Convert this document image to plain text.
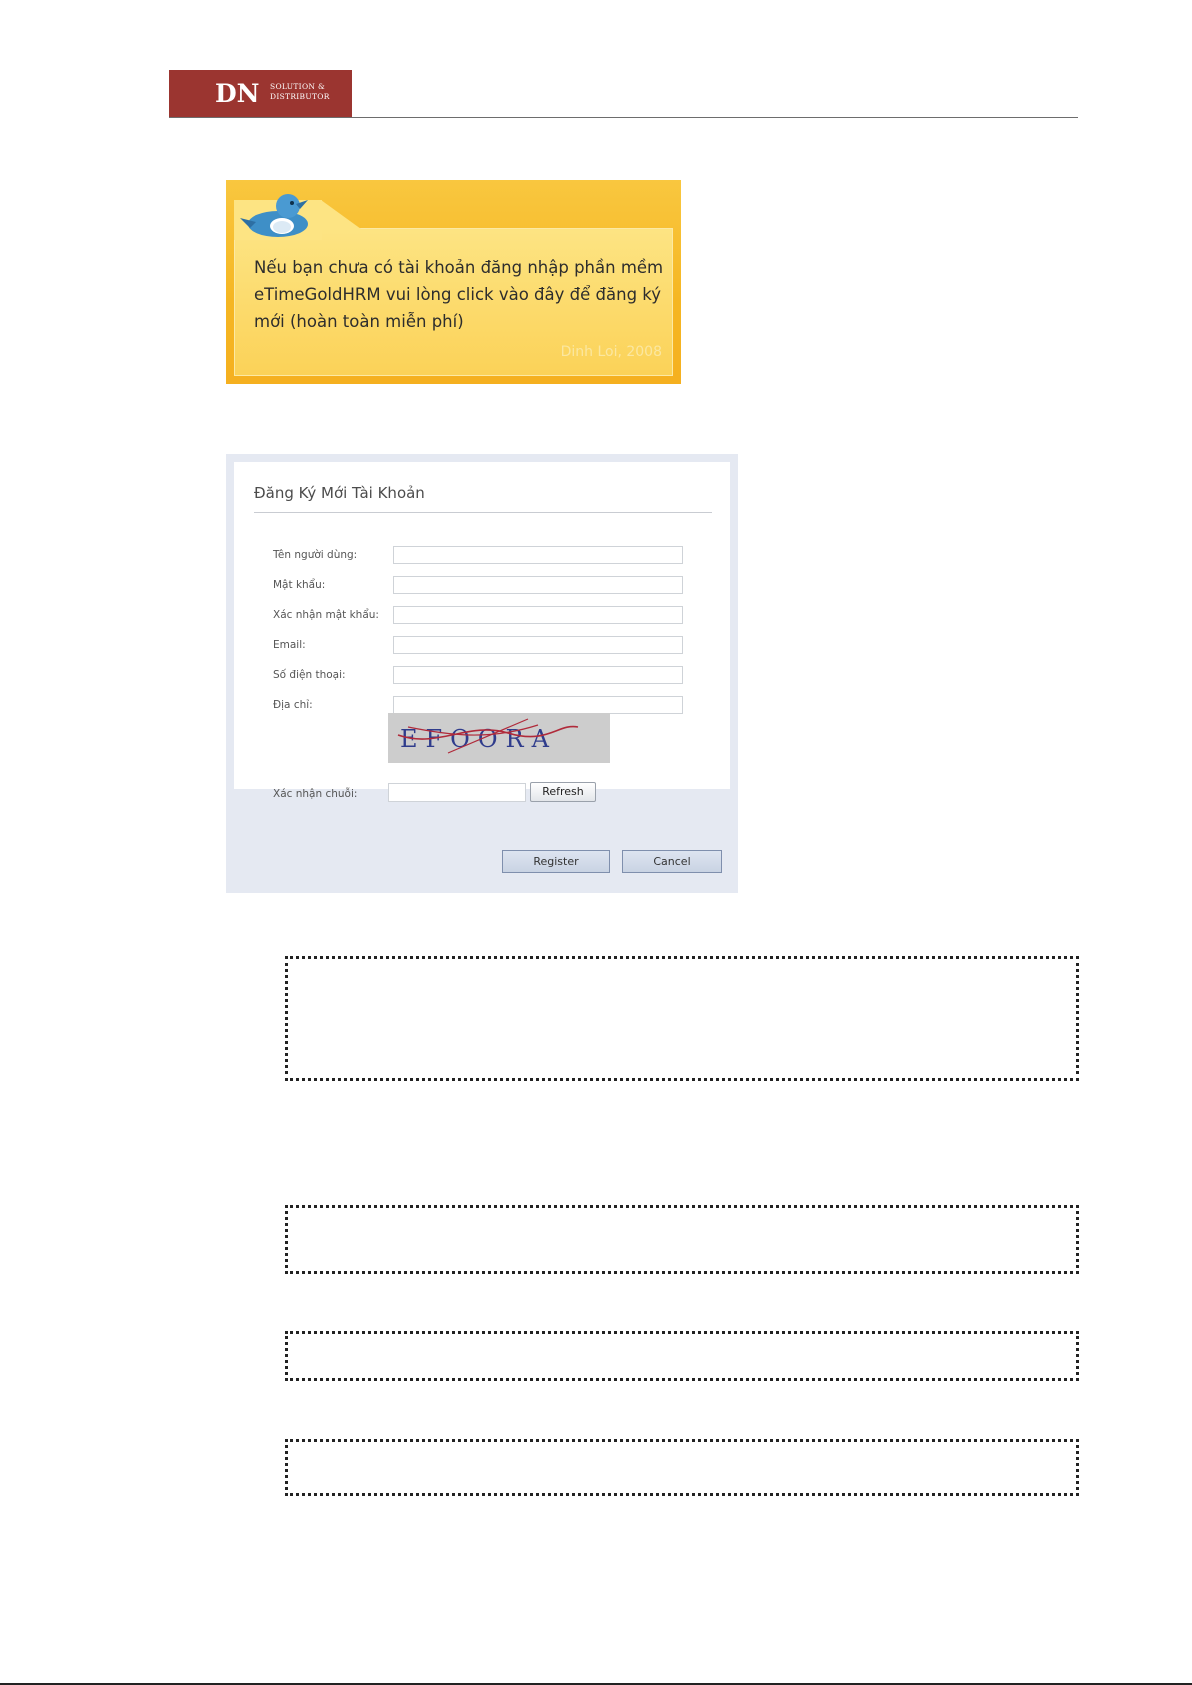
DN SOLUTION &
DISTRIBUTOR
Nếu bạn chưa có tài khoản đăng nhập phần mềm eTimeGoldHRM vui lòng click vào đây để đăng ký mới (hoàn toàn miễn phí)
Dinh Loi, 2008
Đăng Ký Mới Tài Khoản
Tên người dùng:
Mật khẩu:
Xác nhận mật khẩu:
Email:
Số điện thoại:
Địa chỉ:
EFOORA
Xác nhận chuỗi:	Refresh
Register	Cancel
